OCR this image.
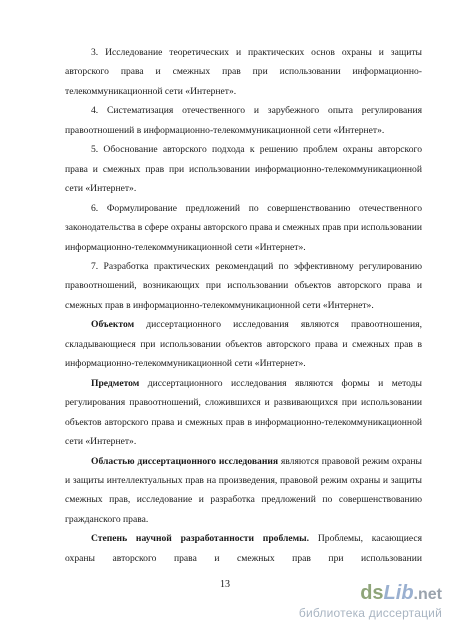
3. Исследование теоретических и практических основ охраны и защиты авторского права и смежных прав при использовании информационно-телекоммуникационной сети «Интернет».

4. Систематизация отечественного и зарубежного опыта регулирования правоотношений в информационно-телекоммуникационной сети «Интернет».

5. Обоснование авторского подхода к решению проблем охраны авторского права и смежных прав при использовании информационно-телекоммуникационной сети «Интернет».

6. Формулирование предложений по совершенствованию отечественного законодательства в сфере охраны авторского права и смежных прав при использовании информационно-телекоммуникационной сети «Интернет».

7. Разработка практических рекомендаций по эффективному регулированию правоотношений, возникающих при использовании объектов авторского права и смежных прав в информационно-телекоммуникационной сети «Интернет».

Объектом диссертационного исследования являются правоотношения, складывающиеся при использовании объектов авторского права и смежных прав в информационно-телекоммуникационной сети «Интернет».

Предметом диссертационного исследования являются формы и методы регулирования правоотношений, сложившихся и развивающихся при использовании объектов авторского права и смежных прав в информационно-телекоммуникационной сети «Интернет».

Областью диссертационного исследования являются правовой режим охраны и защиты интеллектуальных прав на произведения, правовой режим охраны и защиты смежных прав, исследование и разработка предложений по совершенствованию гражданского права.

Степень научной разработанности проблемы. Проблемы, касающиеся охраны авторского права и смежных прав при использовании

13	ds Lib .net
библиотека диссертаций
